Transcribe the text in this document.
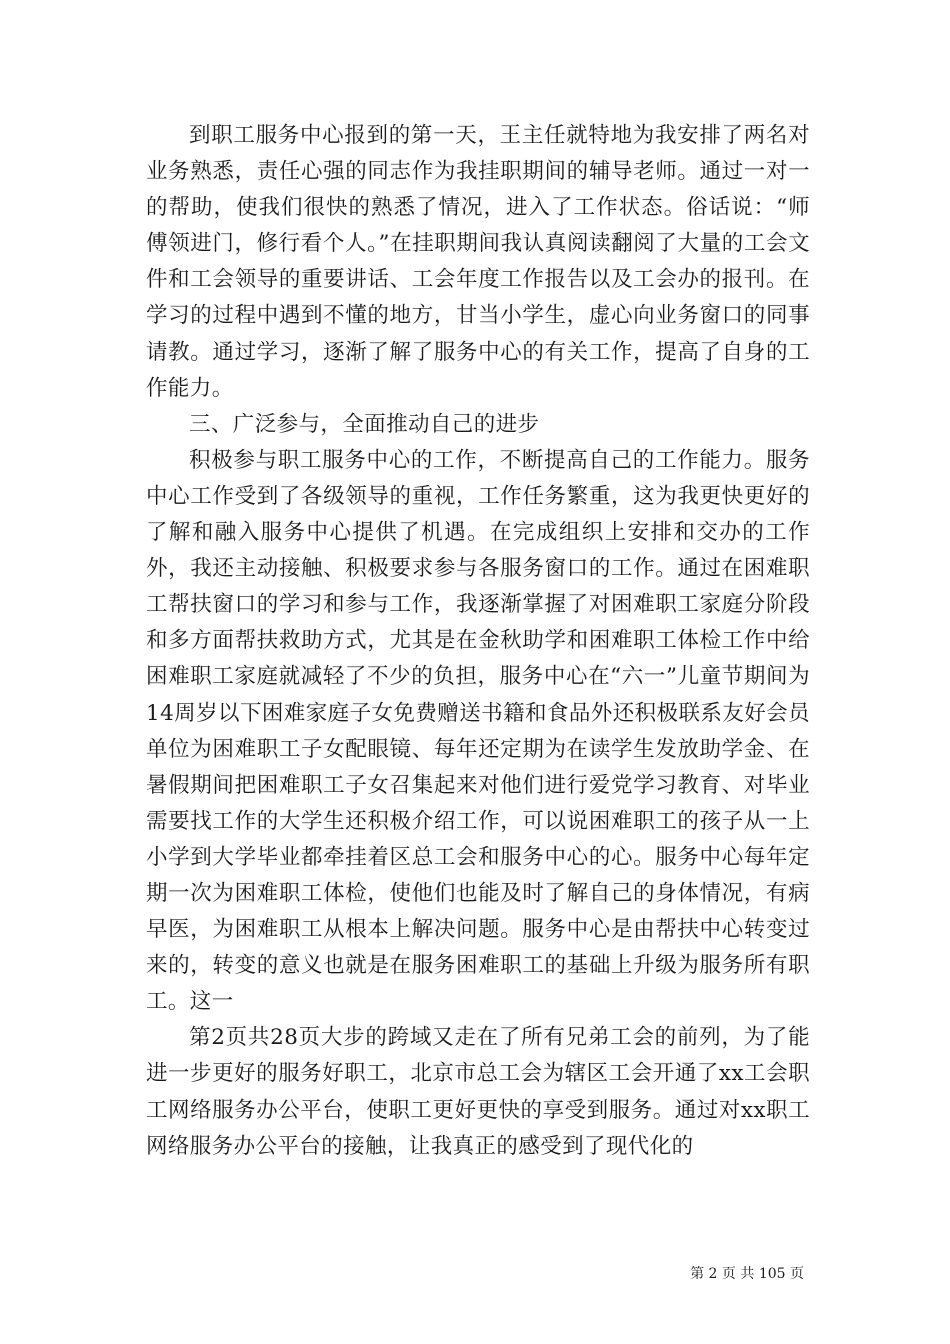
到职工服务中心报到的第一天，王主任就特地为我安排了两名对业务熟悉，责任心强的同志作为我挂职期间的辅导老师。通过一对一的帮助，使我们很快的熟悉了情况，进入了工作状态。俗话说：“师傅领进门，修行看个人。”在挂职期间我认真阅读翻阅了大量的工会文件和工会领导的重要讲话、工会年度工作报告以及工会办的报刊。在学习的过程中遇到不懂的地方，甘当小学生，虚心向业务窗口的同事请教。通过学习，逐渐了解了服务中心的有关工作，提高了自身的工作能力。

三、广泛参与，全面推动自己的进步

积极参与职工服务中心的工作，不断提高自己的工作能力。服务中心工作受到了各级领导的重视，工作任务繁重，这为我更快更好的了解和融入服务中心提供了机遇。在完成组织上安排和交办的工作外，我还主动接触、积极要求参与各服务窗口的工作。通过在困难职工帮扶窗口的学习和参与工作，我逐渐掌握了对困难职工家庭分阶段和多方面帮扶救助方式，尤其是在金秋助学和困难职工体检工作中给困难职工家庭就减轻了不少的负担，服务中心在“六一”儿童节期间为14周岁以下困难家庭子女免费赠送书籍和食品外还积极联系友好会员单位为困难职工子女配眼镜、每年还定期为在读学生发放助学金、在暑假期间把困难职工子女召集起来对他们进行爱党学习教育、对毕业需要找工作的大学生还积极介绍工作，可以说困难职工的孩子从一上小学到大学毕业都牵挂着区总工会和服务中心的心。服务中心每年定期一次为困难职工体检，使他们也能及时了解自己的身体情况，有病早医，为困难职工从根本上解决问题。服务中心是由帮扶中心转变过来的，转变的意义也就是在服务困难职工的基础上升级为服务所有职工。这一

第2页共28页大步的跨域又走在了所有兄弟工会的前列，为了能进一步更好的服务好职工，北京市总工会为辖区工会开通了xx工会职工网络服务办公平台，使职工更好更快的享受到服务。通过对xx职工网络服务办公平台的接触，让我真正的感受到了现代化的

第 2 页 共 105 页
